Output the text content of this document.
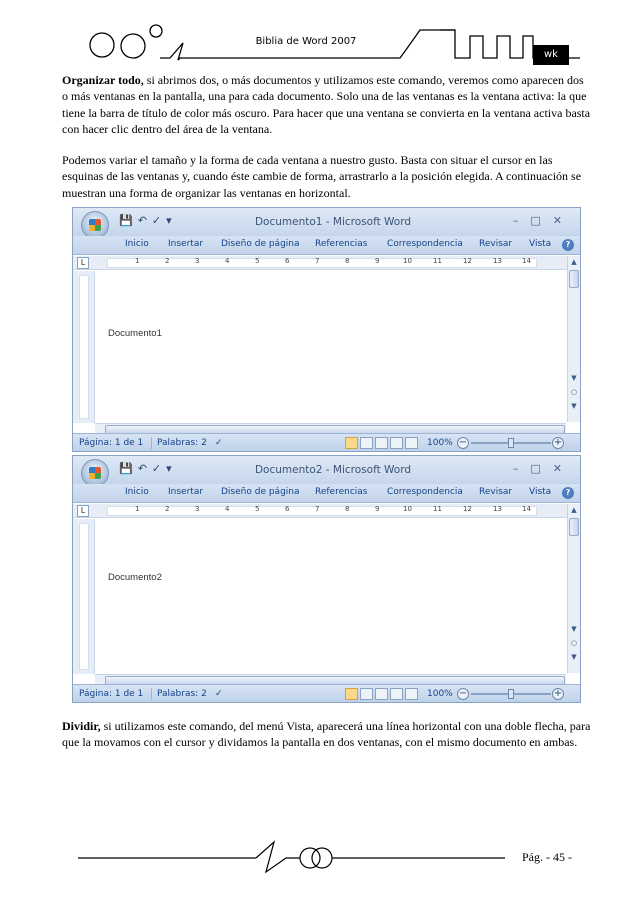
Biblia de Word 2007
wk

Organizar todo, si abrimos dos, o más documentos y utilizamos este comando, veremos como aparecen dos o más ventanas en la pantalla, una para cada documento. Solo una de las ventanas es la ventana activa: la que tiene la barra de título de color más oscuro. Para hacer que una ventana se convierta en la ventana activa basta con hacer clic dentro del área de la ventana.

Podemos variar el tamaño y la forma de cada ventana a nuestro gusto. Basta con situar el cursor en las esquinas de las ventanas y, cuando éste cambie de forma, arrastrarlo a la posición elegida. A continuación se muestran una forma de organizar las ventanas en horizontal.

💾↶✓▾	Documento1 - Microsoft Word	–□✕
Inicio Insertar Diseño de página Referencias Correspondencia Revisar Vista	?
L	1	2	3	4	5	6	7	8	9	10	11	12	13	14
Documento1
▲
▼
○
▼
Página: 1 de 1 Palabras: 2 ✓	100% −	+
💾↶✓▾	Documento2 - Microsoft Word	–□✕
Inicio Insertar Diseño de página Referencias Correspondencia Revisar Vista	?
L	1	2	3	4	5	6	7	8	9	10	11	12	13	14
Documento2
▲
▼
○
▼
Página: 1 de 1 Palabras: 2 ✓	100% −	+

Dividir, si utilizamos este comando, del menú Vista, aparecerá una línea horizontal con una doble flecha, para que la movamos con el cursor y dividamos la pantalla en dos ventanas, con el mismo documento en ambas.

Pág. - 45 -
